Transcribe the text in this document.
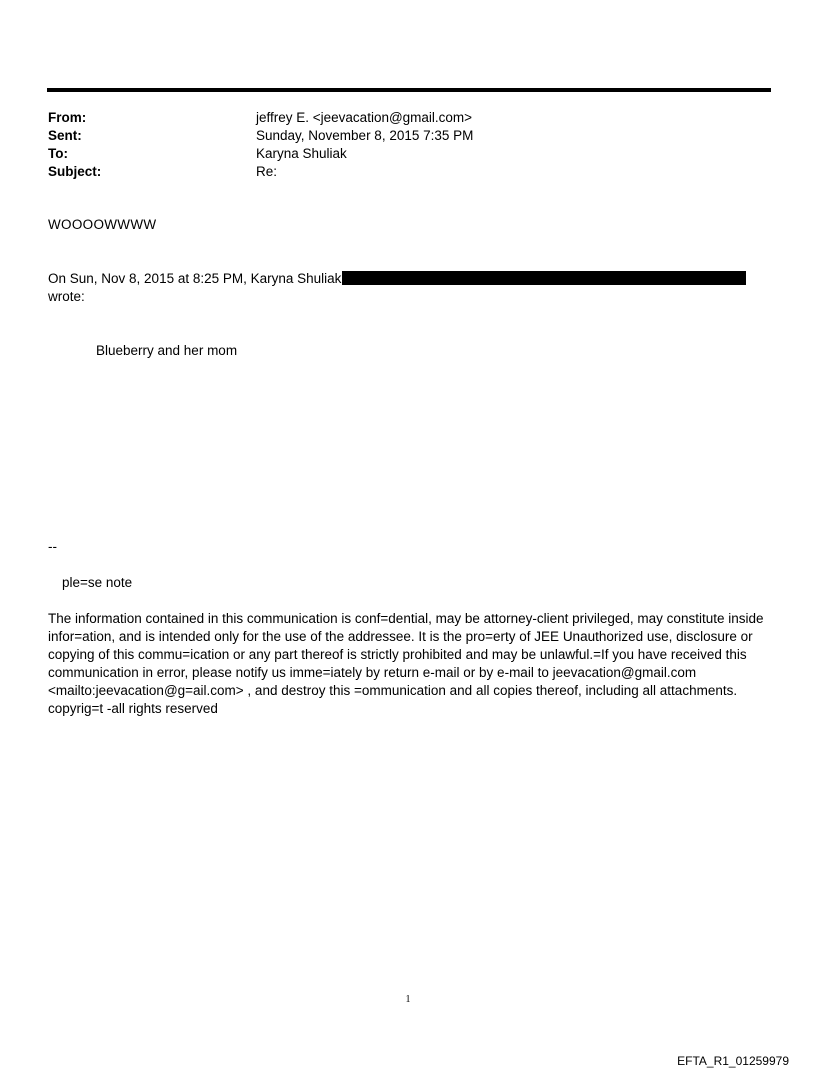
From:	jeffrey E. <jeevacation@gmail.com>
Sent:	Sunday, November 8, 2015 7:35 PM
To:	Karyna Shuliak
Subject:	Re:
WOOOOWWWW
On Sun, Nov 8, 2015 at 8:25 PM, Karyna Shuliak
wrote:
Blueberry and her mom
--
ple=se note
The information contained in this communication is conf=dential, may be attorney-client privileged, may constitute inside infor=ation, and is intended only for the use of the addressee. It is the pro=erty of JEE Unauthorized use, disclosure or copying of this commu=ication or any part thereof is strictly prohibited and may be unlawful.=If you have received this communication in error, please notify us imme=iately by return e-mail or by e-mail to jeevacation@gmail.com <mailto:jeevacation@g=ail.com> , and destroy this =ommunication and all copies thereof, including all attachments. copyrig=t -all rights reserved
1
EFTA_R1_01259979
